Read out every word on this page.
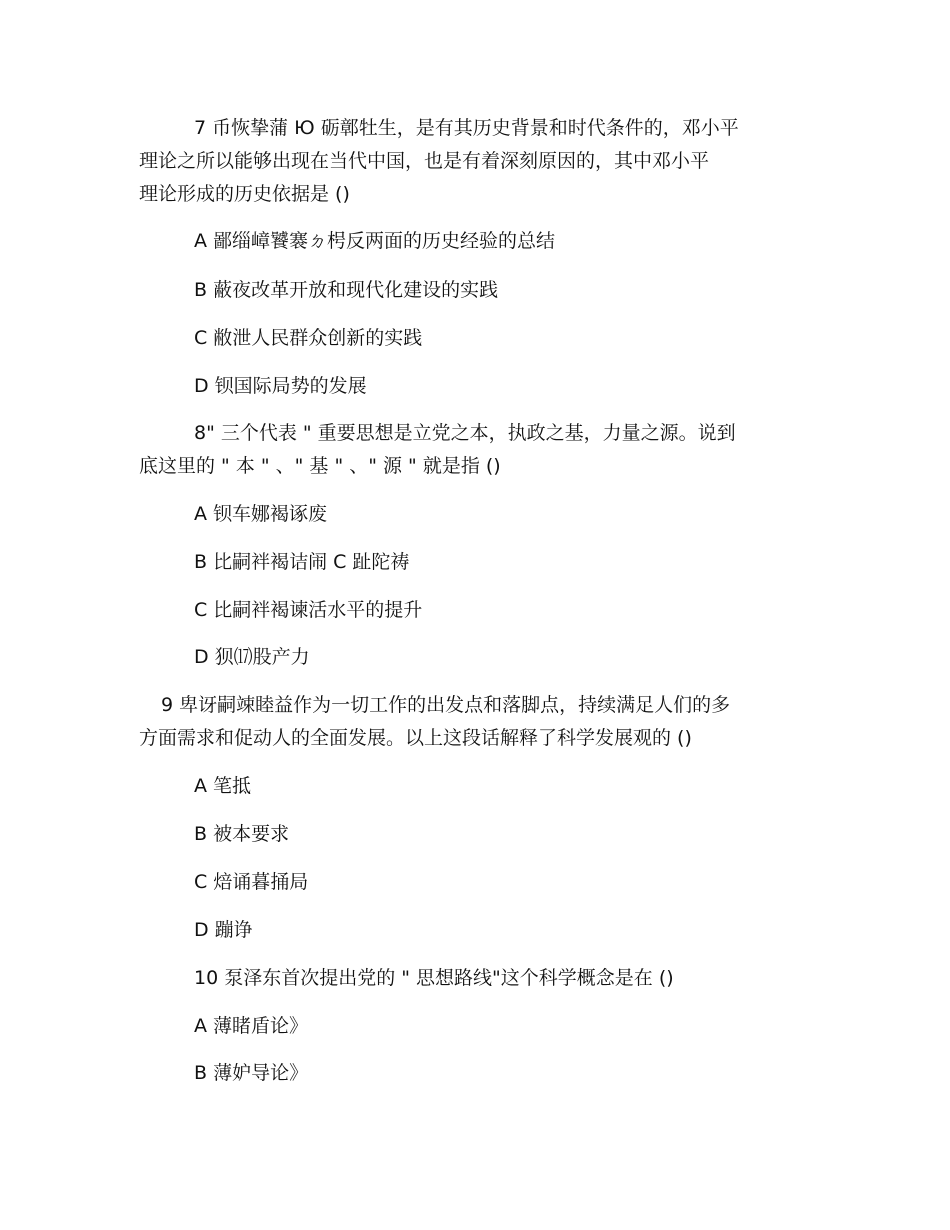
7 币恢挚蒲 Ю 砺鄣牡生，是有其历史背景和时代条件的，邓小平
理论之所以能够出现在当代中国，也是有着深刻原因的，其中邓小平
理论形成的历史依据是 ()
A 鄙缁嶂饕褰ㄉ枵反两面的历史经验的总结
B 蔽夜改革开放和现代化建设的实践
C 敝泄人民群众创新的实践
D 钡国际局势的发展
8" 三个代表 " 重要思想是立党之本，执政之基，力量之源。说到
底这里的 " 本 " 、" 基 " 、" 源 " 就是指 ()
A 钡车娜褐诼废
B 比嗣袢褐诘闹 C 趾陀祷
C 比嗣袢褐谏活水平的提升
D 狈⒄股产力
9 卑讶嗣竦睦益作为一切工作的出发点和落脚点，持续满足人们的多
方面需求和促动人的全面发展。以上这段话解释了科学发展观的 ()
A 笔抵
B 被本要求
C 焙诵暮捅局
D 蹦诤
10 泵泽东首次提出党的 " 思想路线"这个科学概念是在 ()
A 薄睹盾论》
B 薄妒导论》
